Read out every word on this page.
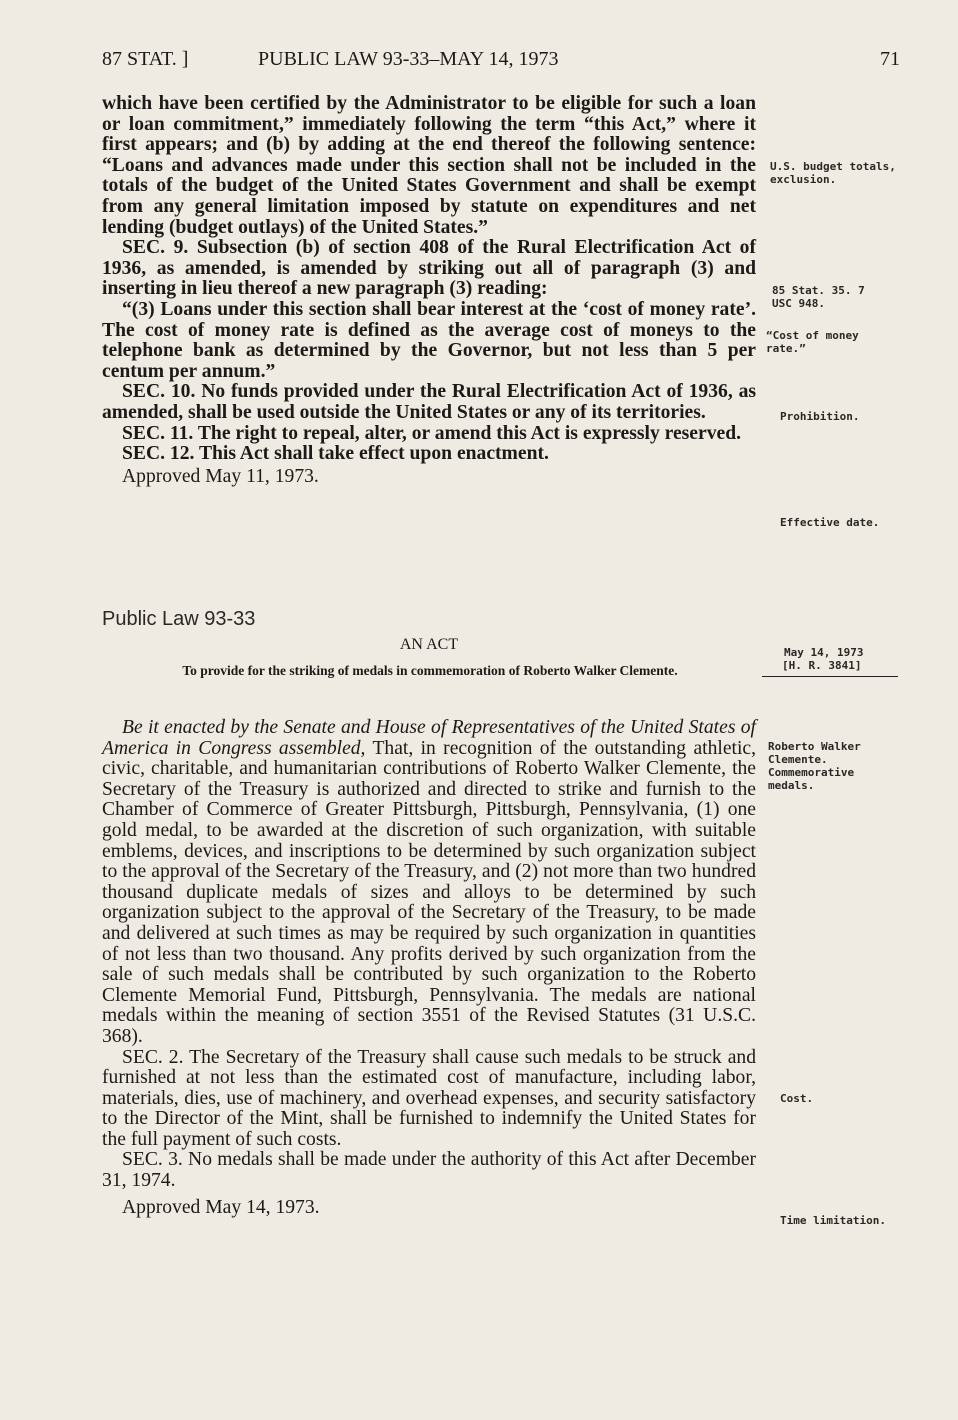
87 STAT. ]	PUBLIC LAW 93-33–MAY 14, 1973	71

which have been certified by the Administrator to be eligible for such a loan or loan commitment,” immediately following the term “this Act,” where it first appears; and (b) by adding at the end thereof the following sentence: “Loans and advances made under this section shall not be included in the totals of the budget of the United States Government and shall be exempt from any general limitation imposed by statute on expenditures and net lending (budget outlays) of the United States.”

SEC. 9. Subsection (b) of section 408 of the Rural Electrification Act of 1936, as amended, is amended by striking out all of paragraph (3) and inserting in lieu thereof a new paragraph (3) reading:

“(3) Loans under this section shall bear interest at the ‘cost of money rate’. The cost of money rate is defined as the average cost of moneys to the telephone bank as determined by the Governor, but not less than 5 per centum per annum.”

SEC. 10. No funds provided under the Rural Electrification Act of 1936, as amended, shall be used outside the United States or any of its territories.

SEC. 11. The right to repeal, alter, or amend this Act is expressly reserved.

SEC. 12. This Act shall take effect upon enactment.

Approved May 11, 1973.

Public Law 93-33
AN ACT
To provide for the striking of medals in commemoration of Roberto Walker Clemente.

Be it enacted by the Senate and House of Representatives of the United States of America in Congress assembled, That, in recognition of the outstanding athletic, civic, charitable, and humanitarian contributions of Roberto Walker Clemente, the Secretary of the Treasury is authorized and directed to strike and furnish to the Chamber of Commerce of Greater Pittsburgh, Pittsburgh, Pennsylvania, (1) one gold medal, to be awarded at the discretion of such organization, with suitable emblems, devices, and inscriptions to be determined by such organization subject to the approval of the Secretary of the Treasury, and (2) not more than two hundred thousand duplicate medals of sizes and alloys to be determined by such organization subject to the approval of the Secretary of the Treasury, to be made and delivered at such times as may be required by such organization in quantities of not less than two thousand. Any profits derived by such organization from the sale of such medals shall be contributed by such organization to the Roberto Clemente Memorial Fund, Pittsburgh, Pennsylvania. The medals are national medals within the meaning of section 3551 of the Revised Statutes (31 U.S.C. 368).

SEC. 2. The Secretary of the Treasury shall cause such medals to be struck and furnished at not less than the estimated cost of manufacture, including labor, materials, dies, use of machinery, and overhead expenses, and security satisfactory to the Director of the Mint, shall be furnished to indemnify the United States for the full payment of such costs.

SEC. 3. No medals shall be made under the authority of this Act after December 31, 1974.

Approved May 14, 1973.

U.S. budget totals, exclusion.
85 Stat. 35. 7 USC 948.
“Cost of money rate.”
Prohibition.
Effective date.
May 14, 1973
[H. R. 3841]
Roberto Walker Clemente. Commemorative medals.
Cost.
Time limitation.
